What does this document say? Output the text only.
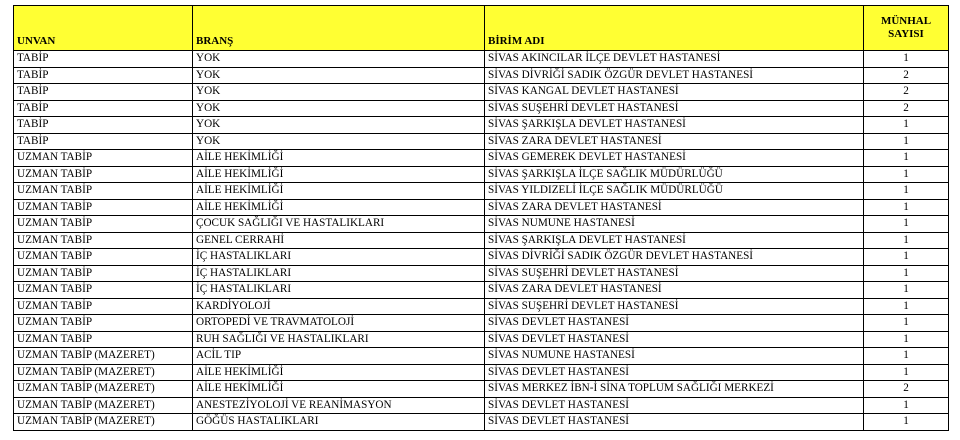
UNVAN	BRANŞ	BİRİM ADI	MÜNHAL
SAYISI
TABİP	YOK	SİVAS AKINCILAR İLÇE DEVLET HASTANESİ	1
TABİP	YOK	SİVAS DİVRİĞİ SADIK ÖZGÜR DEVLET HASTANESİ	2
TABİP	YOK	SİVAS KANGAL DEVLET HASTANESİ	2
TABİP	YOK	SİVAS SUŞEHRİ DEVLET HASTANESİ	2
TABİP	YOK	SİVAS ŞARKIŞLA DEVLET HASTANESİ	1
TABİP	YOK	SİVAS ZARA DEVLET HASTANESİ	1
UZMAN TABİP	AİLE HEKİMLİĞİ	SİVAS GEMEREK DEVLET HASTANESİ	1
UZMAN TABİP	AİLE HEKİMLİĞİ	SİVAS ŞARKIŞLA İLÇE SAĞLIK MÜDÜRLÜĞÜ	1
UZMAN TABİP	AİLE HEKİMLİĞİ	SİVAS YILDIZELİ İLÇE SAĞLIK MÜDÜRLÜĞÜ	1
UZMAN TABİP	AİLE HEKİMLİĞİ	SİVAS ZARA DEVLET HASTANESİ	1
UZMAN TABİP	ÇOCUK SAĞLIĞI VE HASTALIKLARI	SİVAS NUMUNE HASTANESİ	1
UZMAN TABİP	GENEL CERRAHİ	SİVAS ŞARKIŞLA DEVLET HASTANESİ	1
UZMAN TABİP	İÇ HASTALIKLARI	SİVAS DİVRİĞİ SADIK ÖZGÜR DEVLET HASTANESİ	1
UZMAN TABİP	İÇ HASTALIKLARI	SİVAS SUŞEHRİ DEVLET HASTANESİ	1
UZMAN TABİP	İÇ HASTALIKLARI	SİVAS ZARA DEVLET HASTANESİ	1
UZMAN TABİP	KARDİYOLOJİ	SİVAS SUŞEHRİ DEVLET HASTANESİ	1
UZMAN TABİP	ORTOPEDİ VE TRAVMATOLOJİ	SİVAS DEVLET HASTANESİ	1
UZMAN TABİP	RUH SAĞLIĞI VE HASTALIKLARI	SİVAS DEVLET HASTANESİ	1
UZMAN TABİP (MAZERET)	ACİL TIP	SİVAS NUMUNE HASTANESİ	1
UZMAN TABİP (MAZERET)	AİLE HEKİMLİĞİ	SİVAS DEVLET HASTANESİ	1
UZMAN TABİP (MAZERET)	AİLE HEKİMLİĞİ	SİVAS MERKEZ İBN-İ SİNA TOPLUM SAĞLIĞI MERKEZİ	2
UZMAN TABİP (MAZERET)	ANESTEZİYOLOJİ VE REANİMASYON	SİVAS DEVLET HASTANESİ	1
UZMAN TABİP (MAZERET)	GÖĞÜS HASTALIKLARI	SİVAS DEVLET HASTANESİ	1
